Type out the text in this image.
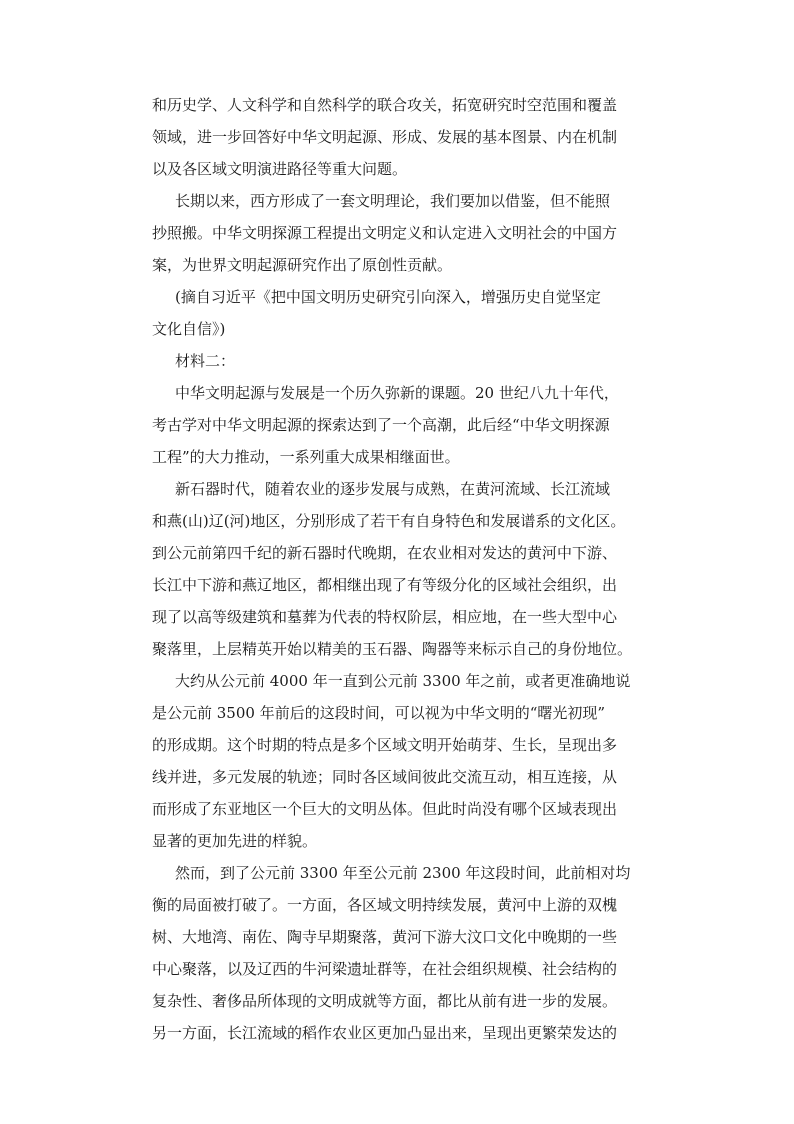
和历史学、人文科学和自然科学的联合攻关，拓宽研究时空范围和覆盖
领域，进一步回答好中华文明起源、形成、发展的基本图景、内在机制
以及各区域文明演进路径等重大问题。
长期以来，西方形成了一套文明理论，我们要加以借鉴，但不能照
抄照搬。中华文明探源工程提出文明定义和认定进入文明社会的中国方
案，为世界文明起源研究作出了原创性贡献。
(摘自习近平《把中国文明历史研究引向深入，增强历史自觉坚定
文化自信》)
材料二：
中华文明起源与发展是一个历久弥新的课题。20 世纪八九十年代，
考古学对中华文明起源的探索达到了一个高潮，此后经“中华文明探源
工程”的大力推动，一系列重大成果相继面世。
新石器时代，随着农业的逐步发展与成熟，在黄河流域、长江流域
和燕(山)辽(河)地区，分别形成了若干有自身特色和发展谱系的文化区。
到公元前第四千纪的新石器时代晚期，在农业相对发达的黄河中下游、
长江中下游和燕辽地区，都相继出现了有等级分化的区域社会组织，出
现了以高等级建筑和墓葬为代表的特权阶层，相应地，在一些大型中心
聚落里，上层精英开始以精美的玉石器、陶器等来标示自己的身份地位。
大约从公元前 4000 年一直到公元前 3300 年之前，或者更准确地说
是公元前 3500 年前后的这段时间，可以视为中华文明的“曙光初现”
的形成期。这个时期的特点是多个区域文明开始萌芽、生长，呈现出多
线并进，多元发展的轨迹；同时各区域间彼此交流互动，相互连接，从
而形成了东亚地区一个巨大的文明丛体。但此时尚没有哪个区域表现出
显著的更加先进的样貌。
然而，到了公元前 3300 年至公元前 2300 年这段时间，此前相对均
衡的局面被打破了。一方面，各区域文明持续发展，黄河中上游的双槐
树、大地湾、南佐、陶寺早期聚落，黄河下游大汶口文化中晚期的一些
中心聚落，以及辽西的牛河梁遗址群等，在社会组织规模、社会结构的
复杂性、奢侈品所体现的文明成就等方面，都比从前有进一步的发展。
另一方面，长江流域的稻作农业区更加凸显出来，呈现出更繁荣发达的
